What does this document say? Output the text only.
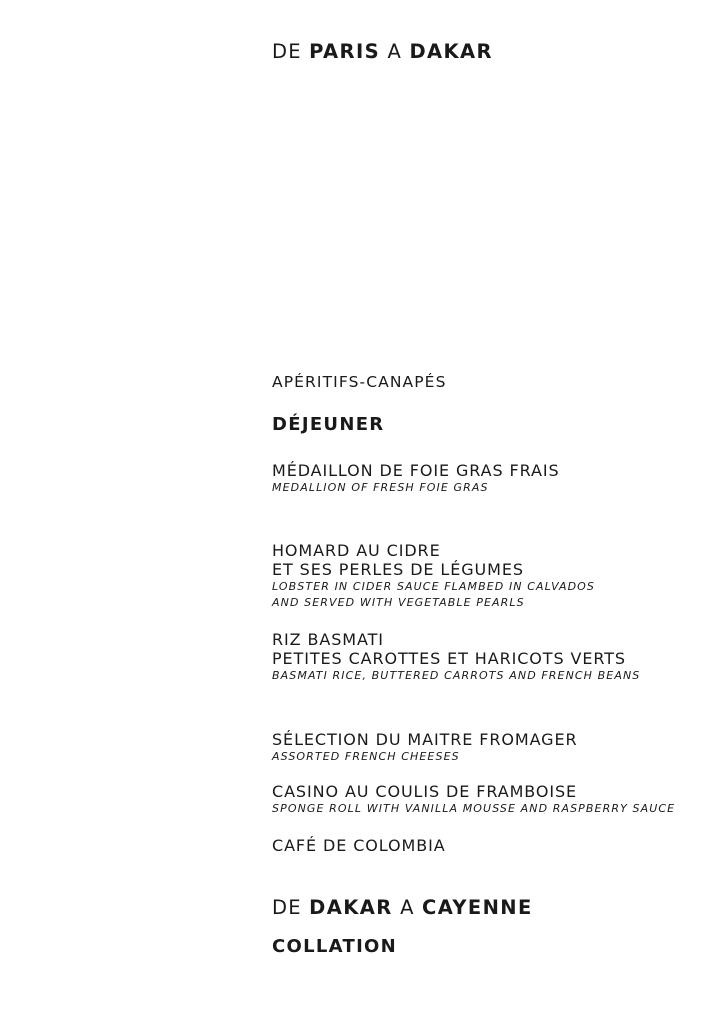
DE PARIS A DAKAR
APÉRITIFS-CANAPÉS
DÉJEUNER
MÉDAILLON DE FOIE GRAS FRAIS
MEDALLION OF FRESH FOIE GRAS
HOMARD AU CIDRE
ET SES PERLES DE LÉGUMES
LOBSTER IN CIDER SAUCE FLAMBED IN CALVADOS
AND SERVED WITH VEGETABLE PEARLS
RIZ BASMATI
PETITES CAROTTES ET HARICOTS VERTS
BASMATI RICE, BUTTERED CARROTS AND FRENCH BEANS
SÉLECTION DU MAITRE FROMAGER
ASSORTED FRENCH CHEESES
CASINO AU COULIS DE FRAMBOISE
SPONGE ROLL WITH VANILLA MOUSSE AND RASPBERRY SAUCE
CAFÉ DE COLOMBIA
DE DAKAR A CAYENNE
COLLATION
